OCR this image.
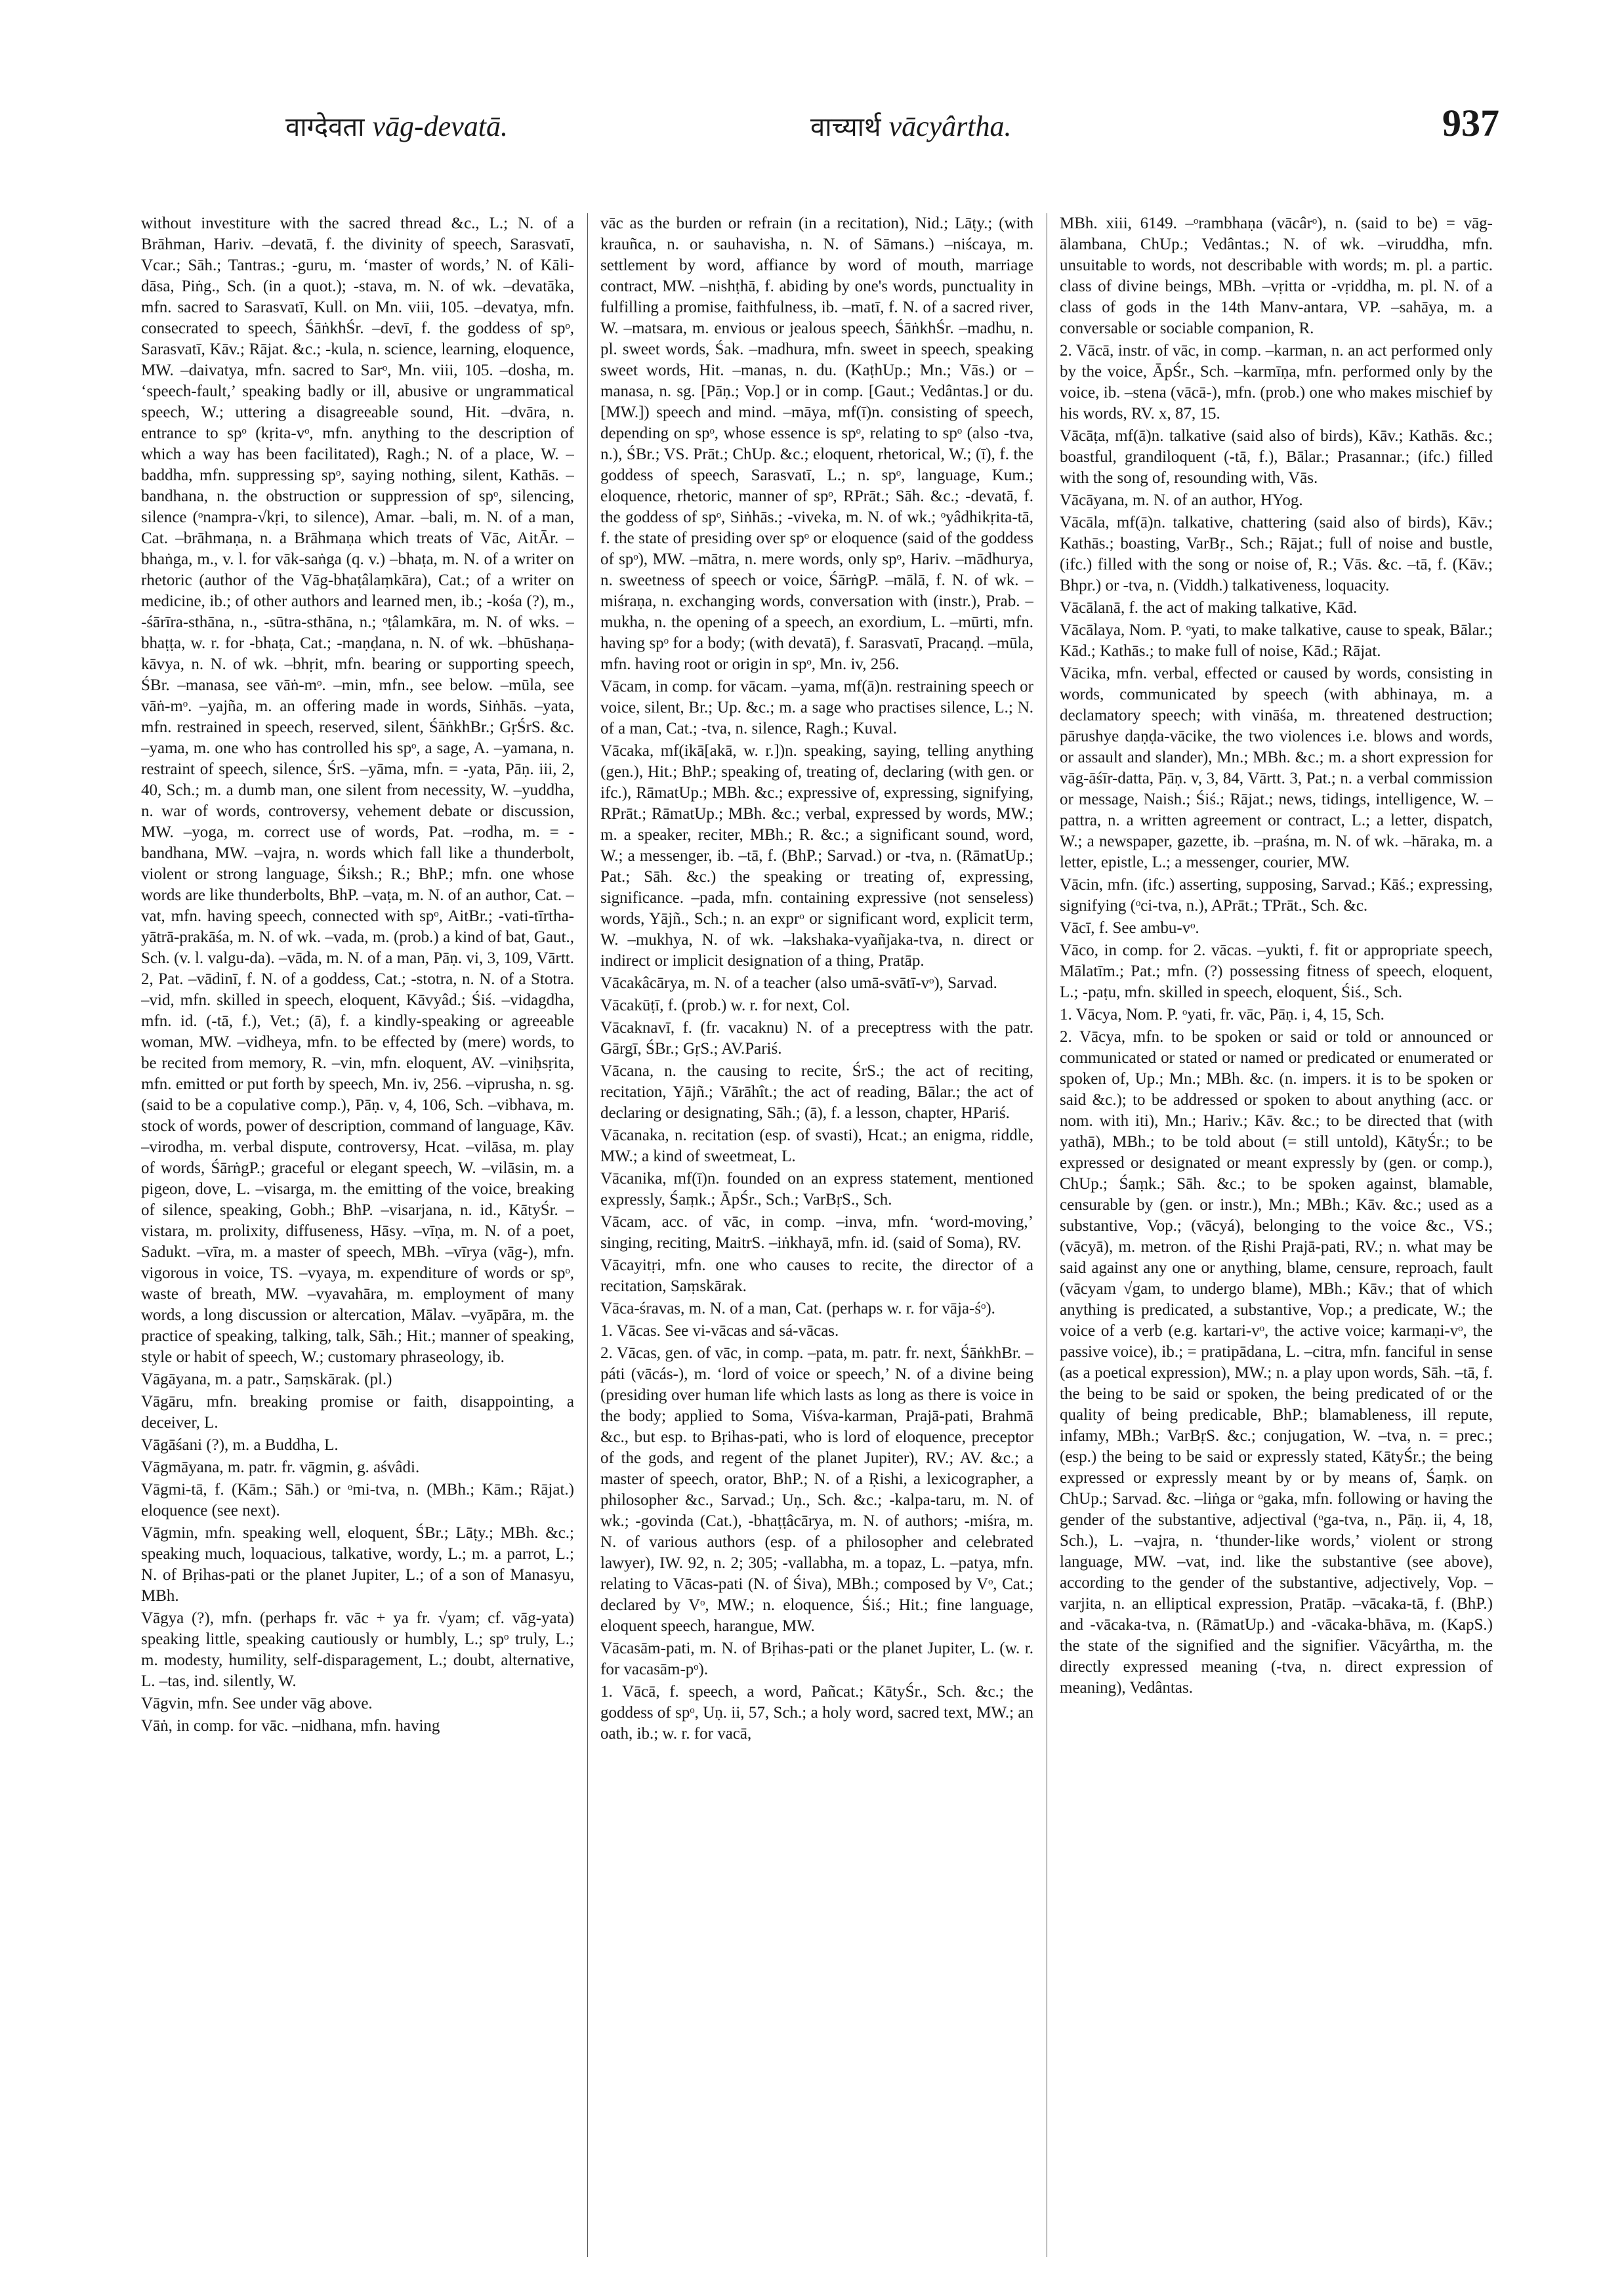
वाग्देवता vāg-devatā.	वाच्यार्थ vācyârtha.	937

without investiture with the sacred thread &c., L.; N. of a Brāhman, Hariv. –devatā, f. the divinity of speech, Sarasvatī, Vcar.; Sāh.; Tantras.; -guru, m. ‘master of words,’ N. of Kāli-dāsa, Piṅg., Sch. (in a quot.); -stava, m. N. of wk. –devatāka, mfn. sacred to Sarasvatī, Kull. on Mn. viii, 105. –devatya, mfn. consecrated to speech, ŚāṅkhŚr. –devī, f. the goddess of spᵒ, Sarasvatī, Kāv.; Rājat. &c.; -kula, n. science, learning, eloquence, MW. –daivatya, mfn. sacred to Sarᵒ, Mn. viii, 105. –dosha, m. ‘speech-fault,’ speaking badly or ill, abusive or ungrammatical speech, W.; uttering a disagreeable sound, Hit. –dvāra, n. entrance to spᵒ (kṛita-vᵒ, mfn. anything to the description of which a way has been facilitated), Ragh.; N. of a place, W. –baddha, mfn. suppressing spᵒ, saying nothing, silent, Kathās. –bandhana, n. the obstruction or suppression of spᵒ, silencing, silence (ᵒnampra-√kṛi, to silence), Amar. –bali, m. N. of a man, Cat. –brāhmaṇa, n. a Brāhmaṇa which treats of Vāc, AitĀr. –bhaṅga, m., v. l. for vāk-saṅga (q. v.) –bhaṭa, m. N. of a writer on rhetoric (author of the Vāg-bhaṭâlaṃkāra), Cat.; of a writer on medicine, ib.; of other authors and learned men, ib.; -kośa (?), m., -śārīra-sthāna, n., -sūtra-sthāna, n.; ᵒṭâlamkāra, m. N. of wks. –bhaṭṭa, w. r. for -bhaṭa, Cat.; -maṇḍana, n. N. of wk. –bhūshaṇa-kāvya, n. N. of wk. –bhṛit, mfn. bearing or supporting speech, ŚBr. –manasa, see vāṅ-mᵒ. –min, mfn., see below. –mūla, see vāṅ-mᵒ. –yajña, m. an offering made in words, Siṅhās. –yata, mfn. restrained in speech, reserved, silent, ŚāṅkhBr.; GṛŚrS. &c. –yama, m. one who has controlled his spᵒ, a sage, A. –yamana, n. restraint of speech, silence, ŚrS. –yāma, mfn. = -yata, Pāṇ. iii, 2, 40, Sch.; m. a dumb man, one silent from necessity, W. –yuddha, n. war of words, controversy, vehement debate or discussion, MW. –yoga, m. correct use of words, Pat. –rodha, m. = -bandhana, MW. –vajra, n. words which fall like a thunderbolt, violent or strong language, Śiksh.; R.; BhP.; mfn. one whose words are like thunderbolts, BhP. –vaṭa, m. N. of an author, Cat. –vat, mfn. having speech, connected with spᵒ, AitBr.; -vati-tīrtha-yātrā-prakāśa, m. N. of wk. –vada, m. (prob.) a kind of bat, Gaut., Sch. (v. l. valgu-da). –vāda, m. N. of a man, Pāṇ. vi, 3, 109, Vārtt. 2, Pat. –vādinī, f. N. of a goddess, Cat.; -stotra, n. N. of a Stotra. –vid, mfn. skilled in speech, eloquent, Kāvyâd.; Śiś. –vidagdha, mfn. id. (-tā, f.), Vet.; (ā), f. a kindly-speaking or agreeable woman, MW. –vidheya, mfn. to be effected by (mere) words, to be recited from memory, R. –vin, mfn. eloquent, AV. –viniḥsṛita, mfn. emitted or put forth by speech, Mn. iv, 256. –viprusha, n. sg. (said to be a copulative comp.), Pāṇ. v, 4, 106, Sch. –vibhava, m. stock of words, power of description, command of language, Kāv. –virodha, m. verbal dispute, controversy, Hcat. –vilāsa, m. play of words, ŚārṅgP.; graceful or elegant speech, W. –vilāsin, m. a pigeon, dove, L. –visarga, m. the emitting of the voice, breaking of silence, speaking, Gobh.; BhP. –visarjana, n. id., KātyŚr. –vistara, m. prolixity, diffuseness, Hāsy. –vīṇa, m. N. of a poet, Sadukt. –vīra, m. a master of speech, MBh. –vīrya (vāg-), mfn. vigorous in voice, TS. –vyaya, m. expenditure of words or spᵒ, waste of breath, MW. –vyavahāra, m. employment of many words, a long discussion or altercation, Mālav. –vyāpāra, m. the practice of speaking, talking, talk, Sāh.; Hit.; manner of speaking, style or habit of speech, W.; customary phraseology, ib.

Vāgāyana, m. a patr., Saṃskārak. (pl.)

Vāgāru, mfn. breaking promise or faith, disappointing, a deceiver, L.

Vāgāśani (?), m. a Buddha, L.

Vāgmāyana, m. patr. fr. vāgmin, g. aśvâdi.

Vāgmi-tā, f. (Kām.; Sāh.) or ᵒmi-tva, n. (MBh.; Kām.; Rājat.) eloquence (see next).

Vāgmin, mfn. speaking well, eloquent, ŚBr.; Lāṭy.; MBh. &c.; speaking much, loquacious, talkative, wordy, L.; m. a parrot, L.; N. of Bṛihas-pati or the planet Jupiter, L.; of a son of Manasyu, MBh.

Vāgya (?), mfn. (perhaps fr. vāc + ya fr. √yam; cf. vāg-yata) speaking little, speaking cautiously or humbly, L.; spᵒ truly, L.; m. modesty, humility, self-disparagement, L.; doubt, alternative, L. –tas, ind. silently, W.

Vāgvin, mfn. See under vāg above.

Vāṅ, in comp. for vāc. –nidhana, mfn. having

vāc as the burden or refrain (in a recitation), Nid.; Lāṭy.; (with krauñca, n. or sauhavisha, n. N. of Sāmans.) –niścaya, m. settlement by word, affiance by word of mouth, marriage contract, MW. –nishṭhā, f. abiding by one's words, punctuality in fulfilling a promise, faithfulness, ib. –matī, f. N. of a sacred river, W. –matsara, m. envious or jealous speech, ŚāṅkhŚr. –madhu, n. pl. sweet words, Śak. –madhura, mfn. sweet in speech, speaking sweet words, Hit. –manas, n. du. (KaṭhUp.; Mn.; Vās.) or –manasa, n. sg. [Pāṇ.; Vop.] or in comp. [Gaut.; Vedântas.] or du. [MW.]) speech and mind. –māya, mf(ī)n. consisting of speech, depending on spᵒ, whose essence is spᵒ, relating to spᵒ (also -tva, n.), ŚBr.; VS. Prāt.; ChUp. &c.; eloquent, rhetorical, W.; (ī), f. the goddess of speech, Sarasvatī, L.; n. spᵒ, language, Kum.; eloquence, rhetoric, manner of spᵒ, RPrāt.; Sāh. &c.; -devatā, f. the goddess of spᵒ, Siṅhās.; -viveka, m. N. of wk.; ᵒyâdhikṛita-tā, f. the state of presiding over spᵒ or eloquence (said of the goddess of spᵒ), MW. –mātra, n. mere words, only spᵒ, Hariv. –mādhurya, n. sweetness of speech or voice, ŚārṅgP. –mālā, f. N. of wk. –miśraṇa, n. exchanging words, conversation with (instr.), Prab. –mukha, n. the opening of a speech, an exordium, L. –mūrti, mfn. having spᵒ for a body; (with devatā), f. Sarasvatī, Pracaṇḍ. –mūla, mfn. having root or origin in spᵒ, Mn. iv, 256.

Vācam, in comp. for vācam. –yama, mf(ā)n. restraining speech or voice, silent, Br.; Up. &c.; m. a sage who practises silence, L.; N. of a man, Cat.; -tva, n. silence, Ragh.; Kuval.

Vācaka, mf(ikā[akā, w. r.])n. speaking, saying, telling anything (gen.), Hit.; BhP.; speaking of, treating of, declaring (with gen. or ifc.), RāmatUp.; MBh. &c.; expressive of, expressing, signifying, RPrāt.; RāmatUp.; MBh. &c.; verbal, expressed by words, MW.; m. a speaker, reciter, MBh.; R. &c.; a significant sound, word, W.; a messenger, ib. –tā, f. (BhP.; Sarvad.) or -tva, n. (RāmatUp.; Pat.; Sāh. &c.) the speaking or treating of, expressing, significance. –pada, mfn. containing expressive (not senseless) words, Yājñ., Sch.; n. an exprᵒ or significant word, explicit term, W. –mukhya, N. of wk. –lakshaka-vyañjaka-tva, n. direct or indirect or implicit designation of a thing, Pratāp.

Vācakâcārya, m. N. of a teacher (also umā-svātī-vᵒ), Sarvad.

Vācakūṭī, f. (prob.) w. r. for next, Col.

Vācaknavī, f. (fr. vacaknu) N. of a preceptress with the patr. Gārgī, ŚBr.; GṛS.; AV.Pariś.

Vācana, n. the causing to recite, ŚrS.; the act of reciting, recitation, Yājñ.; Vārāhît.; the act of reading, Bālar.; the act of declaring or designating, Sāh.; (ā), f. a lesson, chapter, HPariś.

Vācanaka, n. recitation (esp. of svasti), Hcat.; an enigma, riddle, MW.; a kind of sweetmeat, L.

Vācanika, mf(ī)n. founded on an express statement, mentioned expressly, Śaṃk.; ĀpŚr., Sch.; VarBṛS., Sch.

Vācam, acc. of vāc, in comp. –inva, mfn. ‘word-moving,’ singing, reciting, MaitrS. –iṅkhayā, mfn. id. (said of Soma), RV.

Vācayitṛi, mfn. one who causes to recite, the director of a recitation, Saṃskārak.

Vāca-śravas, m. N. of a man, Cat. (perhaps w. r. for vāja-śᵒ).

1. Vācas. See vi-vācas and sá-vācas.

2. Vācas, gen. of vāc, in comp. –pata, m. patr. fr. next, ŚāṅkhBr. –páti (vācás-), m. ‘lord of voice or speech,’ N. of a divine being (presiding over human life which lasts as long as there is voice in the body; applied to Soma, Viśva-karman, Prajā-pati, Brahmā &c., but esp. to Bṛihas-pati, who is lord of eloquence, preceptor of the gods, and regent of the planet Jupiter), RV.; AV. &c.; a master of speech, orator, BhP.; N. of a Ṛishi, a lexicographer, a philosopher &c., Sarvad.; Uṇ., Sch. &c.; -kalpa-taru, m. N. of wk.; -govinda (Cat.), -bhaṭṭâcārya, m. N. of authors; -miśra, m. N. of various authors (esp. of a philosopher and celebrated lawyer), IW. 92, n. 2; 305; -vallabha, m. a topaz, L. –patya, mfn. relating to Vācas-pati (N. of Śiva), MBh.; composed by Vᵒ, Cat.; declared by Vᵒ, MW.; n. eloquence, Śiś.; Hit.; fine language, eloquent speech, harangue, MW.

Vācasām-pati, m. N. of Bṛihas-pati or the planet Jupiter, L. (w. r. for vacasām-pᵒ).

1. Vācā, f. speech, a word, Pañcat.; KātyŚr., Sch. &c.; the goddess of spᵒ, Uṇ. ii, 57, Sch.; a holy word, sacred text, MW.; an oath, ib.; w. r. for vacā,

MBh. xiii, 6149. –ᵒrambhaṇa (vācârᵒ), n. (said to be) = vāg-ālambana, ChUp.; Vedântas.; N. of wk. –viruddha, mfn. unsuitable to words, not describable with words; m. pl. a partic. class of divine beings, MBh. –vṛitta or -vṛiddha, m. pl. N. of a class of gods in the 14th Manv-antara, VP. –sahāya, m. a conversable or sociable companion, R.

2. Vācā, instr. of vāc, in comp. –karman, n. an act performed only by the voice, ĀpŚr., Sch. –karmīṇa, mfn. performed only by the voice, ib. –stena (vācā-), mfn. (prob.) one who makes mischief by his words, RV. x, 87, 15.

Vācāṭa, mf(ā)n. talkative (said also of birds), Kāv.; Kathās. &c.; boastful, grandiloquent (-tā, f.), Bālar.; Prasannar.; (ifc.) filled with the song of, resounding with, Vās.

Vācāyana, m. N. of an author, HYog.

Vācāla, mf(ā)n. talkative, chattering (said also of birds), Kāv.; Kathās.; boasting, VarBṛ., Sch.; Rājat.; full of noise and bustle, (ifc.) filled with the song or noise of, R.; Vās. &c. –tā, f. (Kāv.; Bhpr.) or -tva, n. (Viddh.) talkativeness, loquacity.

Vācālanā, f. the act of making talkative, Kād.

Vācālaya, Nom. P. ᵒyati, to make talkative, cause to speak, Bālar.; Kād.; Kathās.; to make full of noise, Kād.; Rājat.

Vācika, mfn. verbal, effected or caused by words, consisting in words, communicated by speech (with abhinaya, m. a declamatory speech; with vināśa, m. threatened destruction; pārushye daṇḍa-vācike, the two violences i.e. blows and words, or assault and slander), Mn.; MBh. &c.; m. a short expression for vāg-āśīr-datta, Pāṇ. v, 3, 84, Vārtt. 3, Pat.; n. a verbal commission or message, Naish.; Śiś.; Rājat.; news, tidings, intelligence, W. –pattra, n. a written agreement or contract, L.; a letter, dispatch, W.; a newspaper, gazette, ib. –praśna, m. N. of wk. –hāraka, m. a letter, epistle, L.; a messenger, courier, MW.

Vācin, mfn. (ifc.) asserting, supposing, Sarvad.; Kāś.; expressing, signifying (ᵒci-tva, n.), APrāt.; TPrāt., Sch. &c.

Vācī, f. See ambu-vᵒ.

Vāco, in comp. for 2. vācas. –yukti, f. fit or appropriate speech, Mālatīm.; Pat.; mfn. (?) possessing fitness of speech, eloquent, L.; -paṭu, mfn. skilled in speech, eloquent, Śiś., Sch.

1. Vācya, Nom. P. ᵒyati, fr. vāc, Pāṇ. i, 4, 15, Sch.

2. Vācya, mfn. to be spoken or said or told or announced or communicated or stated or named or predicated or enumerated or spoken of, Up.; Mn.; MBh. &c. (n. impers. it is to be spoken or said &c.); to be addressed or spoken to about anything (acc. or nom. with iti), Mn.; Hariv.; Kāv. &c.; to be directed that (with yathā), MBh.; to be told about (= still untold), KātyŚr.; to be expressed or designated or meant expressly by (gen. or comp.), ChUp.; Śaṃk.; Sāh. &c.; to be spoken against, blamable, censurable by (gen. or instr.), Mn.; MBh.; Kāv. &c.; used as a substantive, Vop.; (vācyá), belonging to the voice &c., VS.; (vācyā), m. metron. of the Ṛishi Prajā-pati, RV.; n. what may be said against any one or anything, blame, censure, reproach, fault (vācyam √gam, to undergo blame), MBh.; Kāv.; that of which anything is predicated, a substantive, Vop.; a predicate, W.; the voice of a verb (e.g. kartari-vᵒ, the active voice; karmaṇi-vᵒ, the passive voice), ib.; = pratipādana, L. –citra, mfn. fanciful in sense (as a poetical expression), MW.; n. a play upon words, Sāh. –tā, f. the being to be said or spoken, the being predicated of or the quality of being predicable, BhP.; blamableness, ill repute, infamy, MBh.; VarBṛS. &c.; conjugation, W. –tva, n. = prec.; (esp.) the being to be said or expressly stated, KātyŚr.; the being expressed or expressly meant by or by means of, Śaṃk. on ChUp.; Sarvad. &c. –liṅga or ᵒgaka, mfn. following or having the gender of the substantive, adjectival (ᵒga-tva, n., Pāṇ. ii, 4, 18, Sch.), L. –vajra, n. ‘thunder-like words,’ violent or strong language, MW. –vat, ind. like the substantive (see above), according to the gender of the substantive, adjectively, Vop. –varjita, n. an elliptical expression, Pratāp. –vācaka-tā, f. (BhP.) and -vācaka-tva, n. (RāmatUp.) and -vācaka-bhāva, m. (KapS.) the state of the signified and the signifier. Vācyârtha, m. the directly expressed meaning (-tva, n. direct expression of meaning), Vedântas.
